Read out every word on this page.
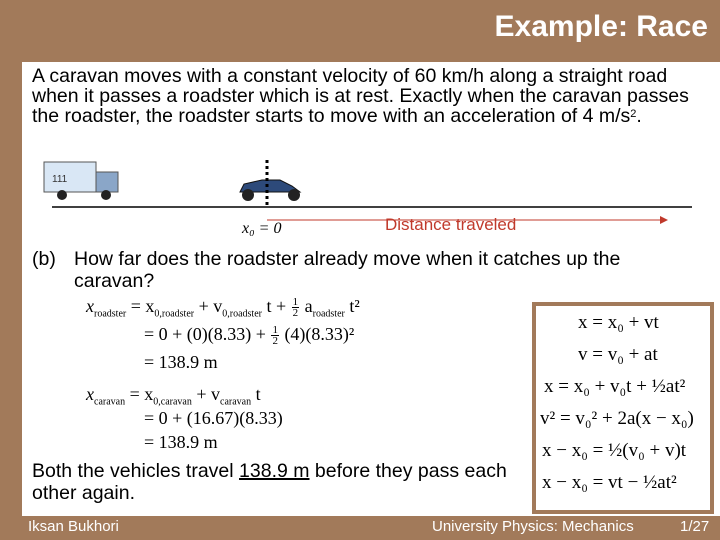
Example: Race

A caravan moves with a constant velocity of 60 km/h along a straight road when it passes a roadster which is at rest. Exactly when the caravan passes the roadster, the roadster starts to move with an acceleration of 4 $m/s^2$.

111
x₀ = 0	Distance traveled
(b) How far does the roadster already move when it catches up the caravan?
$x_{roadster} = x_{0,roadster} + v_{0,roadster}$ $t + \frac{1}{2} a_{roadster}$ t²
= $0 + (0)(8.33) + \frac{1}{2} (4)(8.33)^2$
= 138.9 m
$x_{caravan} = x_{0,caravan} + v_{caravan}$ t
= 0 + (16.67)(8.33)
= 138.9 m
x = x₀ + vt
v = v₀ + at
x = x₀ + v₀t + ½at²
v² = v₀² + 2a(x − x₀)
x − x₀ = ½(v₀ + v)t
x − x₀ = vt − ½at²

Both the vehicles travel 138.9 m before they pass each other again.

Iksan Bukhori	University Physics: Mechanics	1/27
